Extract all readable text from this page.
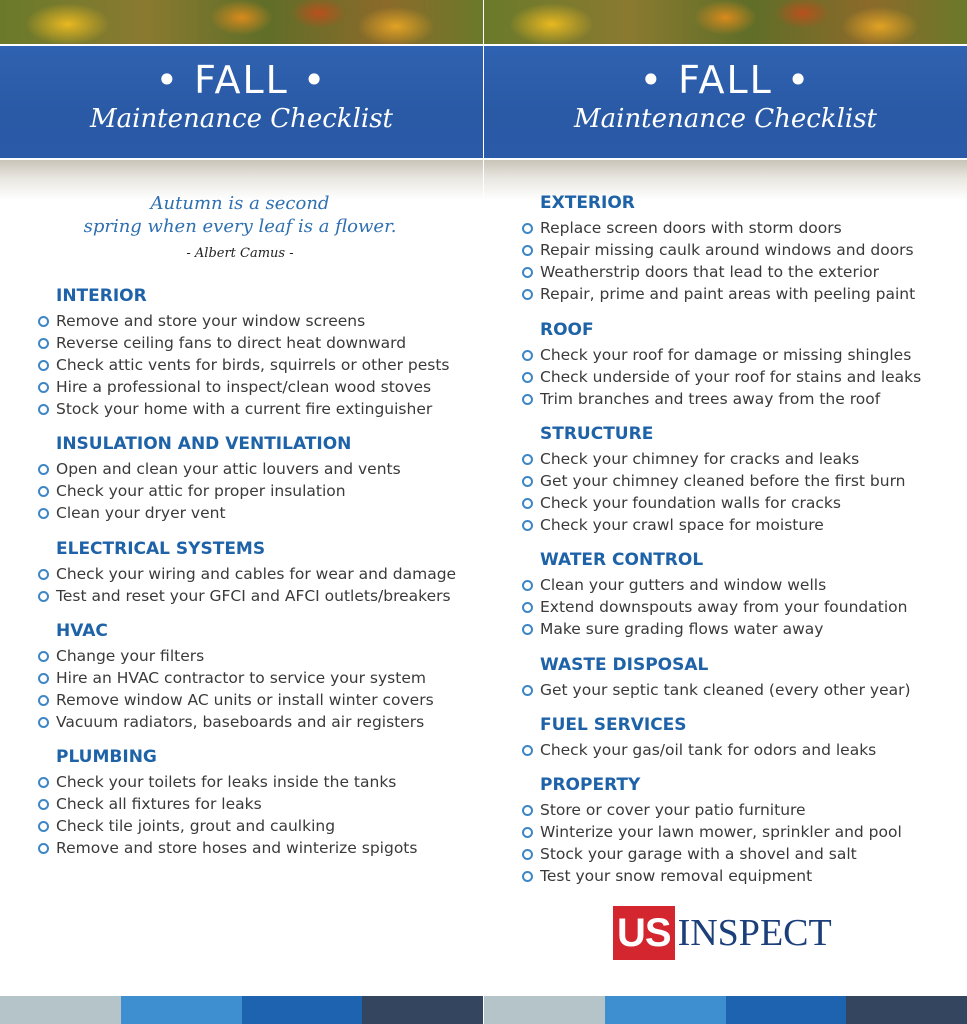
• FALL •
Maintenance Checklist
Autumn is a second
spring when every leaf is a flower.
- Albert Camus -
INTERIOR
Remove and store your window screens
Reverse ceiling fans to direct heat downward
Check attic vents for birds, squirrels or other pests
Hire a professional to inspect/clean wood stoves
Stock your home with a current fire extinguisher
INSULATION AND VENTILATION
Open and clean your attic louvers and vents
Check your attic for proper insulation
Clean your dryer vent
ELECTRICAL SYSTEMS
Check your wiring and cables for wear and damage
Test and reset your GFCI and AFCI outlets/breakers
HVAC
Change your filters
Hire an HVAC contractor to service your system
Remove window AC units or install winter covers
Vacuum radiators, baseboards and air registers
PLUMBING
Check your toilets for leaks inside the tanks
Check all fixtures for leaks
Check tile joints, grout and caulking
Remove and store hoses and winterize spigots
• FALL •
Maintenance Checklist
EXTERIOR
Replace screen doors with storm doors
Repair missing caulk around windows and doors
Weatherstrip doors that lead to the exterior
Repair, prime and paint areas with peeling paint
ROOF
Check your roof for damage or missing shingles
Check underside of your roof for stains and leaks
Trim branches and trees away from the roof
STRUCTURE
Check your chimney for cracks and leaks
Get your chimney cleaned before the first burn
Check your foundation walls for cracks
Check your crawl space for moisture
WATER CONTROL
Clean your gutters and window wells
Extend downspouts away from your foundation
Make sure grading flows water away
WASTE DISPOSAL
Get your septic tank cleaned (every other year)
FUEL SERVICES
Check your gas/oil tank for odors and leaks
PROPERTY
Store or cover your patio furniture
Winterize your lawn mower, sprinkler and pool
Stock your garage with a shovel and salt
Test your snow removal equipment
US INSPECT
